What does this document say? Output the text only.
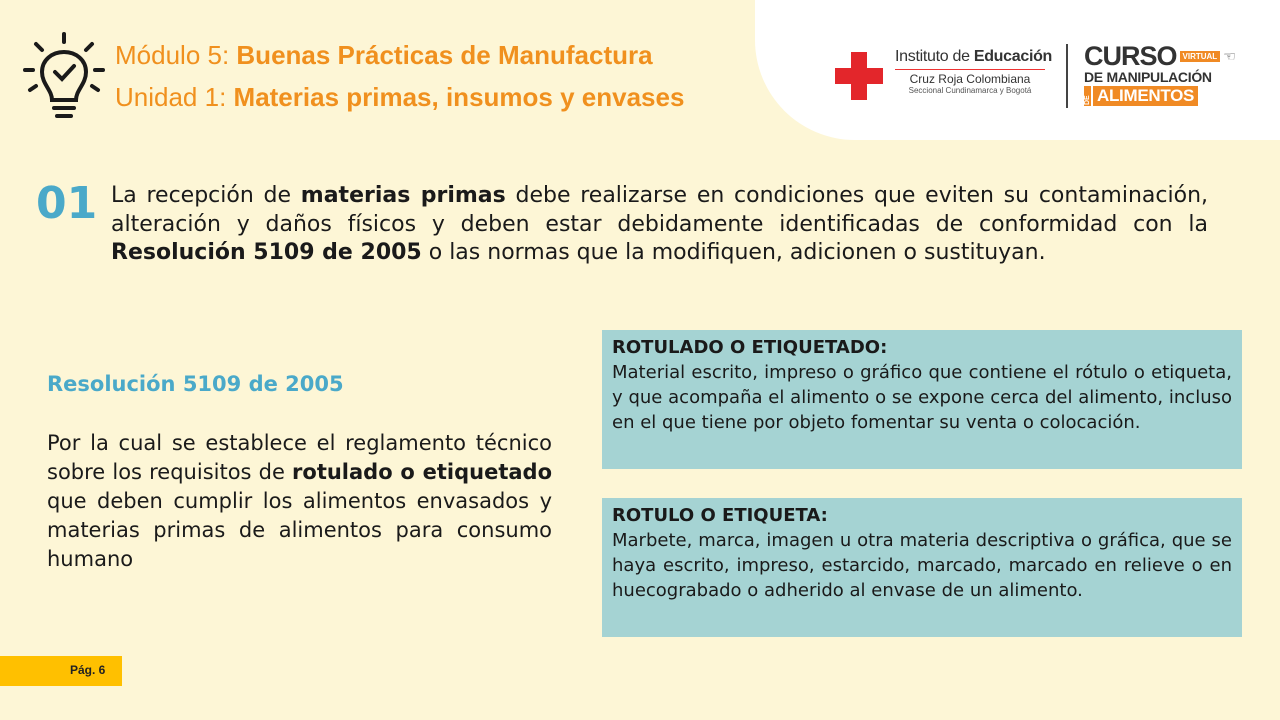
Módulo 5: Buenas Prácticas de Manufactura
Unidad 1: Materias primas, insumos y envases
Instituto de Educación
Cruz Roja Colombiana
Seccional Cundinamarca y Bogotá
CURSO VIRTUAL ☜
DE MANIPULACIÓN
DE ALIMENTOS
01 La recepción de materias primas debe realizarse en condiciones que eviten su contaminación, alteración y daños físicos y deben estar debidamente identificadas de conformidad con la Resolución 5109 de 2005 o las normas que la modifiquen, adicionen o sustituyan.
Resolución 5109 de 2005
Por la cual se establece el reglamento técnico sobre los requisitos de rotulado o etiquetado que deben cumplir los alimentos envasados y materias primas de alimentos para consumo humano
ROTULADO O ETIQUETADO:
Material escrito, impreso o gráfico que contiene el rótulo o etiqueta, y que acompaña el alimento o se expone cerca del alimento, incluso en el que tiene por objeto fomentar su venta o colocación.
ROTULO O ETIQUETA:
Marbete, marca, imagen u otra materia descriptiva o gráfica, que se haya escrito, impreso, estarcido, marcado, marcado en relieve o en huecograbado o adherido al envase de un alimento.
Pág. 6
